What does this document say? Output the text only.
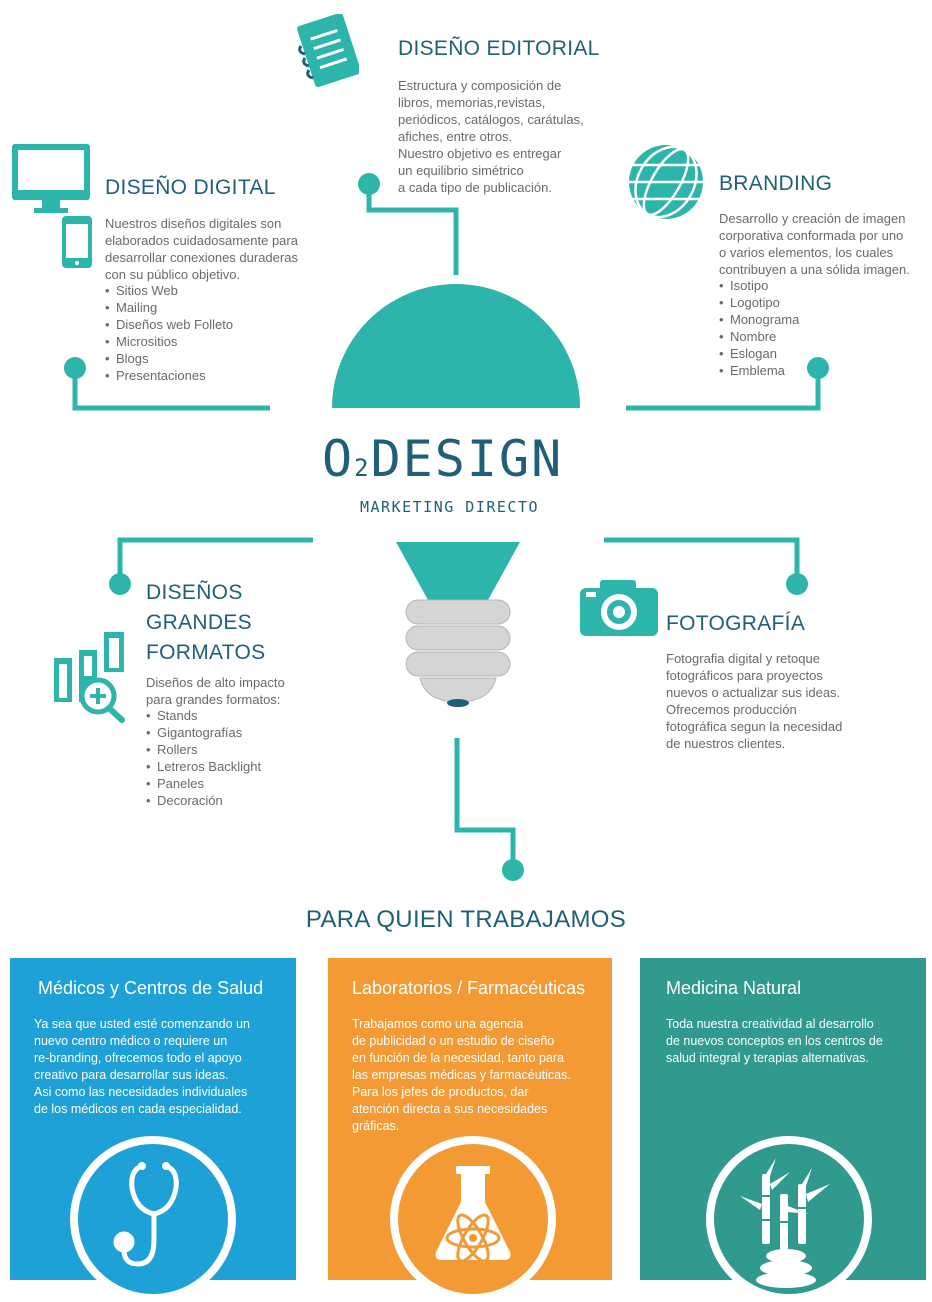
O2DESIGN
MARKETING DIRECTO
DISEÑO EDITORIAL
Estructura y composición de
libros, memorias,revistas,
periódicos, catálogos, carátulas,
afiches, entre otros.
Nuestro objetivo es entregar
un equilibrio simétrico
a cada tipo de publicación.
DISEÑO DIGITAL
Nuestros diseños digitales son
elaborados cuidadosamente para
desarrollar conexiones duraderas
con su público objetivo.
• Sitios Web
• Mailing
• Diseños web Folleto
• Micrositios
• Blogs
• Presentaciones
BRANDING
Desarrollo y creación de imagen
corporativa conformada por uno
o varios elementos, los cuales
contribuyen a una sólida imagen.
• Isotipo
• Logotipo
• Monograma
• Nombre
• Eslogan
• Emblema
DISEÑOS
GRANDES
FORMATOS
Diseños de alto impacto
para grandes formatos:
• Stands
• Gigantografías
• Rollers
• Letreros Backlight
• Paneles
• Decoración
FOTOGRAFÍA
Fotografia digital y retoque
fotográficos para proyectos
nuevos o actualizar sus ideas.
Ofrecemos producción
fotográfica segun la necesidad
de nuestros clientes.
PARA QUIEN TRABAJAMOS
Médicos y Centros de Salud
Ya sea que usted esté comenzando un
nuevo centro médico o requiere un
re-branding, ofrecemos todo el apoyo
creativo para desarrollar sus ideas.
Asi como las necesidades individuales
de los médicos en cada especialidad.
Laboratorios / Farmacéuticas
Trabajamos como una agencia
de publicidad o un estudio de ciseño
en función de la necesidad, tanto para
las empresas médicas y farmacéuticas.
Para los jefes de productos, dar
atención directa a sus necesidades
gráficas.
Medicina Natural
Toda nuestra creatividad al desarrollo
de nuevos conceptos en los centros de
salud integral y terapias alternativas.
